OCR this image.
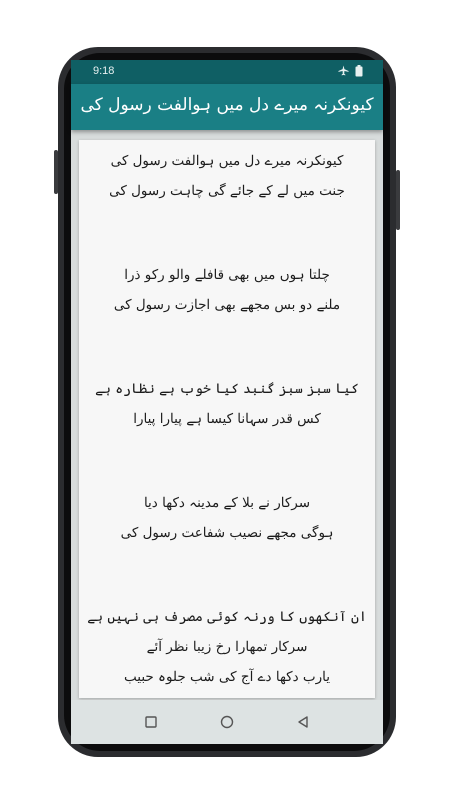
9:18
کیونکرنہ میرے دل میں ہوالفت رسول کی
کیونکرنہ میرے دل میں ہوالفت رسول کی
جنت میں لے کے جائے گی چاہت رسول کی
چلتا ہوں میں بھی قافلے والو رکو ذرا
ملنے دو بس مجھے بھی اجازت رسول کی
کیا سبز سبز گنبد کیا خوب ہے نظارہ ہے
کس قدر سہانا کیسا ہے پیارا پیارا
سرکار نے بلا کے مدینہ دکھا دیا
ہوگی مجھے نصیب شفاعت رسول کی
ان آنکھوں کا ورنہ کوئی مصرف ہی نہیں ہے
سرکار تمھارا رخ زیبا نظر آئے
یارب دکھا دے آج کی شب جلوہ حبیب
